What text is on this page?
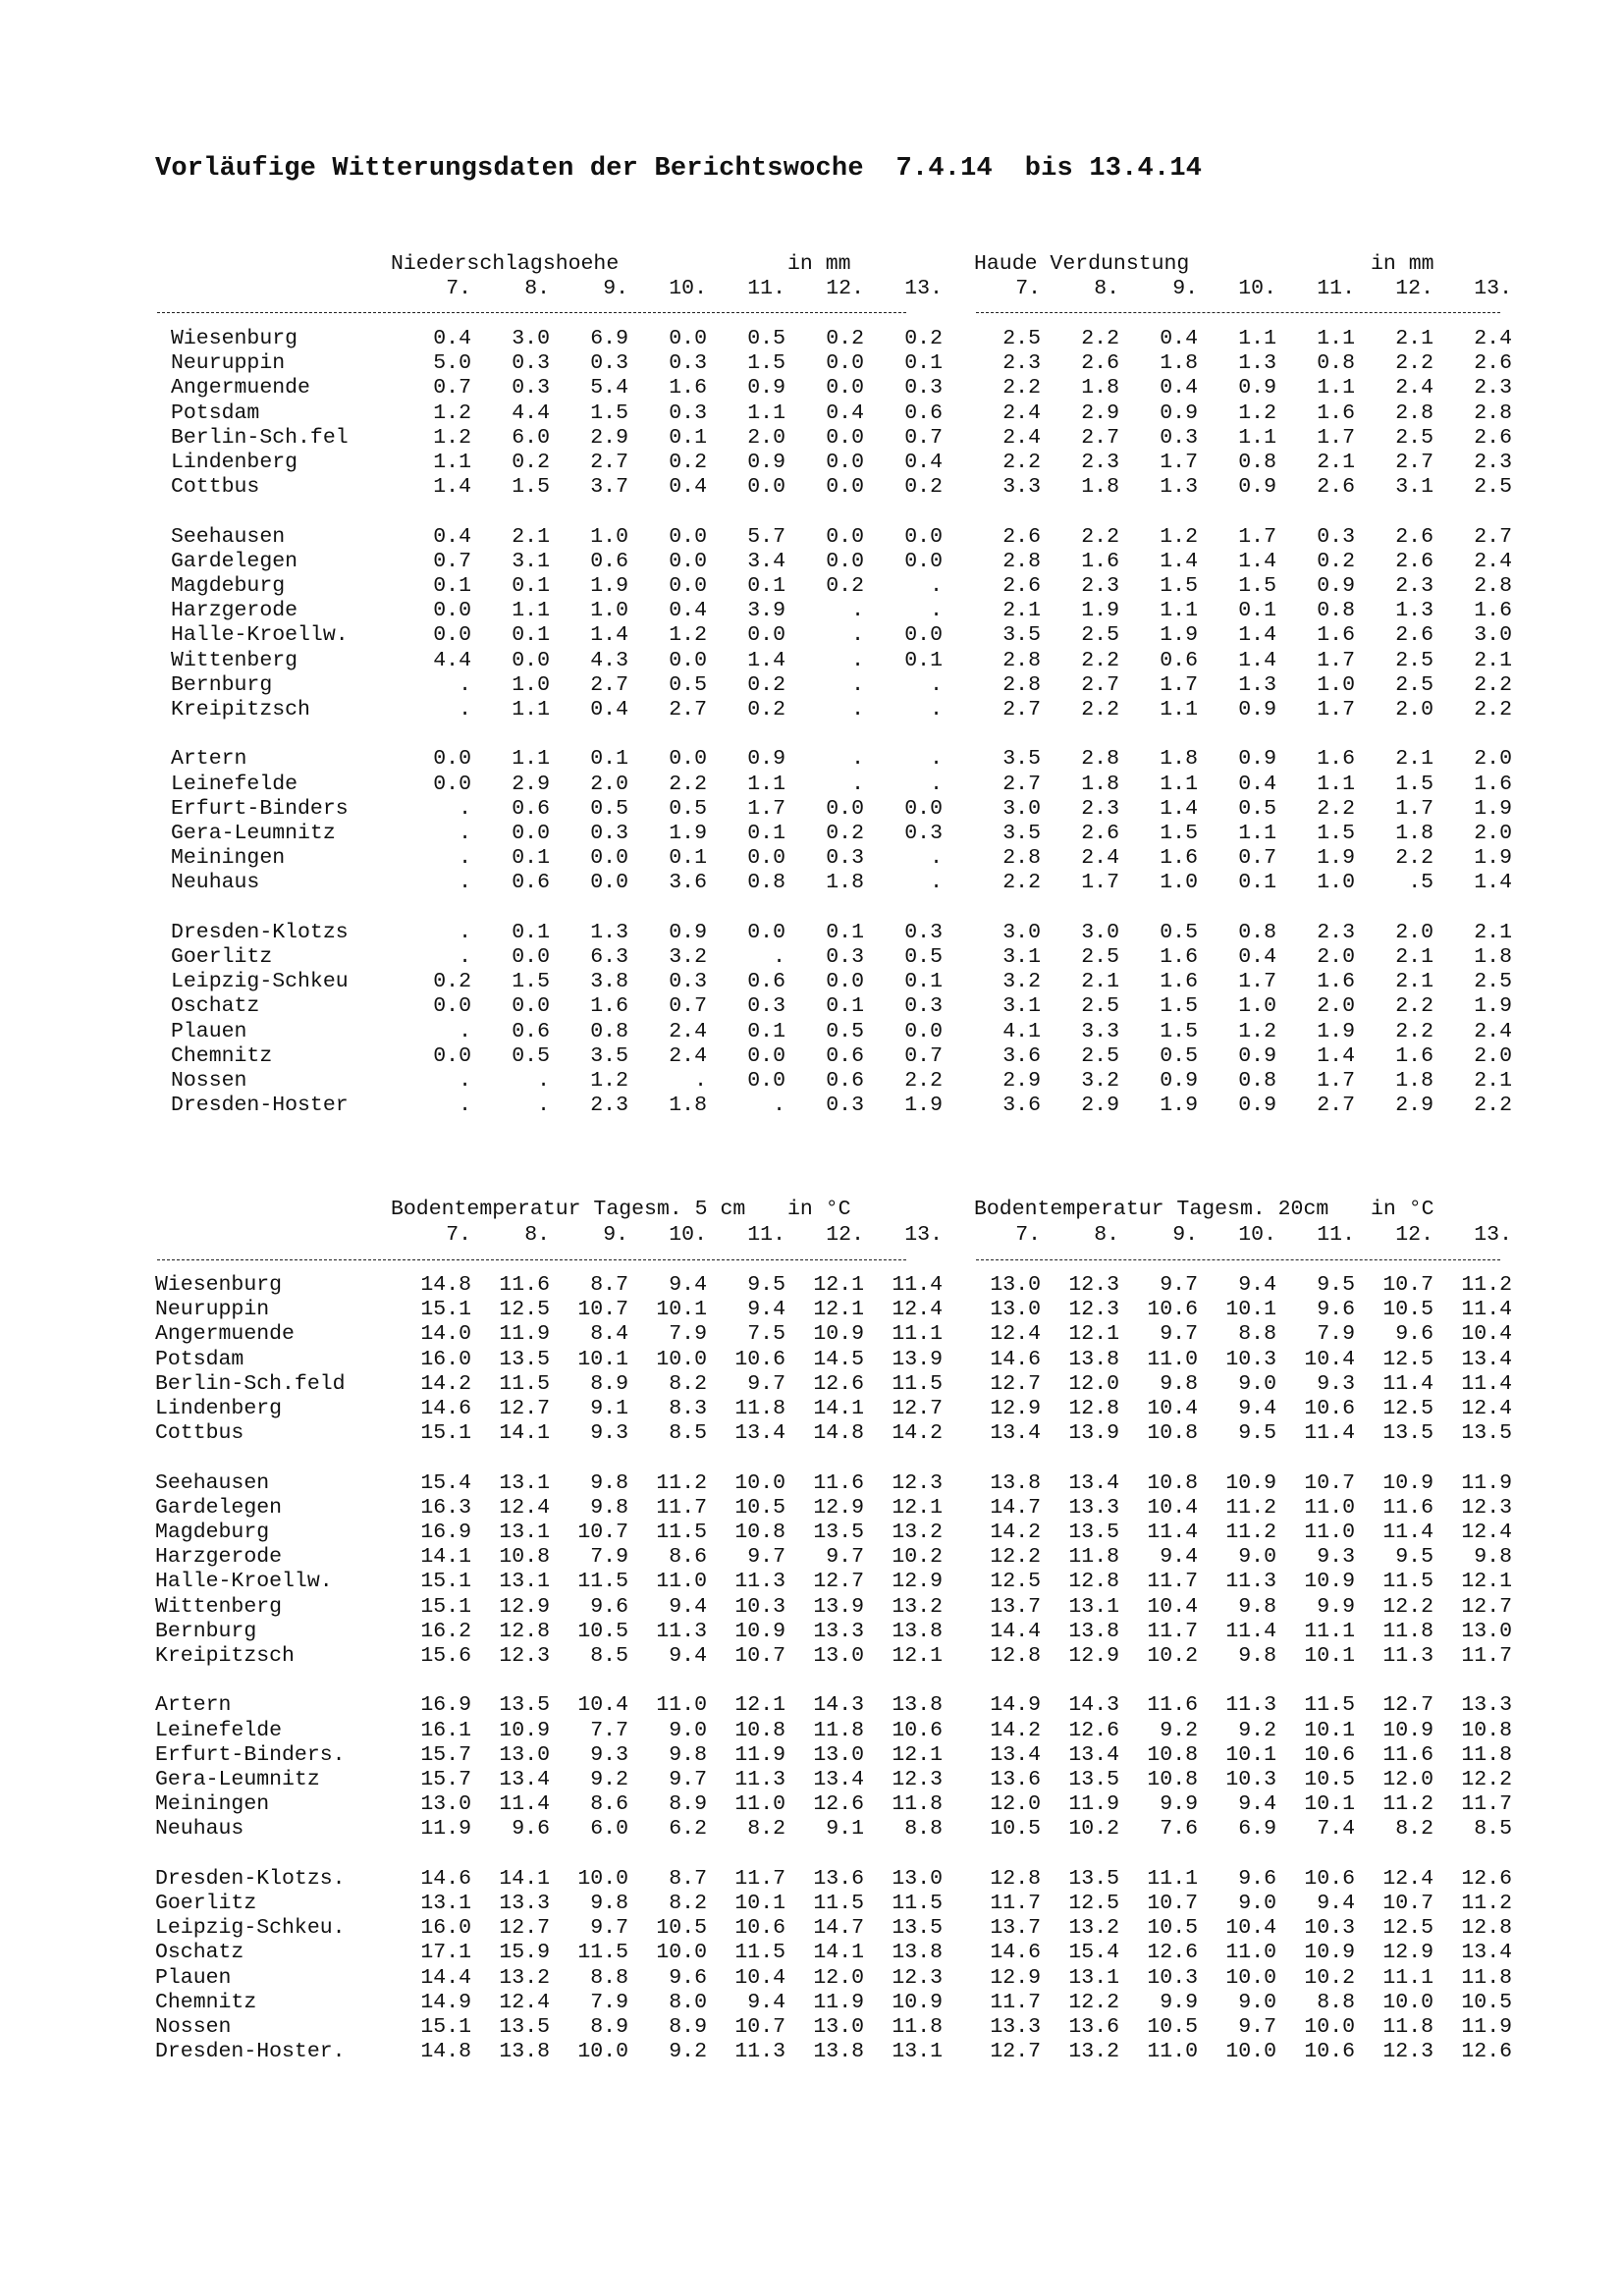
Vorläufige Witterungsdaten der Berichtswoche  7.4.14  bis 13.4.14
Niederschlagshoehe	in mm	Haude Verdunstung	in mm
7.	8.	9.	10.	11.	12.	13.	7.	8.	9.	10.	11.	12.	13.
Wiesenburg	0.4	3.0	6.9	0.0	0.5	0.2	0.2	2.5	2.2	0.4	1.1	1.1	2.1	2.4
Neuruppin	5.0	0.3	0.3	0.3	1.5	0.0	0.1	2.3	2.6	1.8	1.3	0.8	2.2	2.6
Angermuende	0.7	0.3	5.4	1.6	0.9	0.0	0.3	2.2	1.8	0.4	0.9	1.1	2.4	2.3
Potsdam	1.2	4.4	1.5	0.3	1.1	0.4	0.6	2.4	2.9	0.9	1.2	1.6	2.8	2.8
Berlin-Sch.fel	1.2	6.0	2.9	0.1	2.0	0.0	0.7	2.4	2.7	0.3	1.1	1.7	2.5	2.6
Lindenberg	1.1	0.2	2.7	0.2	0.9	0.0	0.4	2.2	2.3	1.7	0.8	2.1	2.7	2.3
Cottbus	1.4	1.5	3.7	0.4	0.0	0.0	0.2	3.3	1.8	1.3	0.9	2.6	3.1	2.5
Seehausen	0.4	2.1	1.0	0.0	5.7	0.0	0.0	2.6	2.2	1.2	1.7	0.3	2.6	2.7
Gardelegen	0.7	3.1	0.6	0.0	3.4	0.0	0.0	2.8	1.6	1.4	1.4	0.2	2.6	2.4
Magdeburg	0.1	0.1	1.9	0.0	0.1	0.2	.	2.6	2.3	1.5	1.5	0.9	2.3	2.8
Harzgerode	0.0	1.1	1.0	0.4	3.9	.	.	2.1	1.9	1.1	0.1	0.8	1.3	1.6
Halle-Kroellw.	0.0	0.1	1.4	1.2	0.0	.	0.0	3.5	2.5	1.9	1.4	1.6	2.6	3.0
Wittenberg	4.4	0.0	4.3	0.0	1.4	.	0.1	2.8	2.2	0.6	1.4	1.7	2.5	2.1
Bernburg	.	1.0	2.7	0.5	0.2	.	.	2.8	2.7	1.7	1.3	1.0	2.5	2.2
Kreipitzsch	.	1.1	0.4	2.7	0.2	.	.	2.7	2.2	1.1	0.9	1.7	2.0	2.2
Artern	0.0	1.1	0.1	0.0	0.9	.	.	3.5	2.8	1.8	0.9	1.6	2.1	2.0
Leinefelde	0.0	2.9	2.0	2.2	1.1	.	.	2.7	1.8	1.1	0.4	1.1	1.5	1.6
Erfurt-Binders	.	0.6	0.5	0.5	1.7	0.0	0.0	3.0	2.3	1.4	0.5	2.2	1.7	1.9
Gera-Leumnitz	.	0.0	0.3	1.9	0.1	0.2	0.3	3.5	2.6	1.5	1.1	1.5	1.8	2.0
Meiningen	.	0.1	0.0	0.1	0.0	0.3	.	2.8	2.4	1.6	0.7	1.9	2.2	1.9
Neuhaus	.	0.6	0.0	3.6	0.8	1.8	.	2.2	1.7	1.0	0.1	1.0	.5	1.4
Dresden-Klotzs	.	0.1	1.3	0.9	0.0	0.1	0.3	3.0	3.0	0.5	0.8	2.3	2.0	2.1
Goerlitz	.	0.0	6.3	3.2	.	0.3	0.5	3.1	2.5	1.6	0.4	2.0	2.1	1.8
Leipzig-Schkeu	0.2	1.5	3.8	0.3	0.6	0.0	0.1	3.2	2.1	1.6	1.7	1.6	2.1	2.5
Oschatz	0.0	0.0	1.6	0.7	0.3	0.1	0.3	3.1	2.5	1.5	1.0	2.0	2.2	1.9
Plauen	.	0.6	0.8	2.4	0.1	0.5	0.0	4.1	3.3	1.5	1.2	1.9	2.2	2.4
Chemnitz	0.0	0.5	3.5	2.4	0.0	0.6	0.7	3.6	2.5	0.5	0.9	1.4	1.6	2.0
Nossen	.	.	1.2	.	0.0	0.6	2.2	2.9	3.2	0.9	0.8	1.7	1.8	2.1
Dresden-Hoster	.	.	2.3	1.8	.	0.3	1.9	3.6	2.9	1.9	0.9	2.7	2.9	2.2
Bodentemperatur Tagesm. 5 cm in °C	Bodentemperatur Tagesm. 20cm in °C
7.	8.	9.	10.	11.	12.	13.	7.	8.	9.	10.	11.	12.	13.
Wiesenburg	14.8	11.6	8.7	9.4	9.5	12.1	11.4	13.0	12.3	9.7	9.4	9.5	10.7	11.2
Neuruppin	15.1	12.5	10.7	10.1	9.4	12.1	12.4	13.0	12.3	10.6	10.1	9.6	10.5	11.4
Angermuende	14.0	11.9	8.4	7.9	7.5	10.9	11.1	12.4	12.1	9.7	8.8	7.9	9.6	10.4
Potsdam	16.0	13.5	10.1	10.0	10.6	14.5	13.9	14.6	13.8	11.0	10.3	10.4	12.5	13.4
Berlin-Sch.feld	14.2	11.5	8.9	8.2	9.7	12.6	11.5	12.7	12.0	9.8	9.0	9.3	11.4	11.4
Lindenberg	14.6	12.7	9.1	8.3	11.8	14.1	12.7	12.9	12.8	10.4	9.4	10.6	12.5	12.4
Cottbus	15.1	14.1	9.3	8.5	13.4	14.8	14.2	13.4	13.9	10.8	9.5	11.4	13.5	13.5
Seehausen	15.4	13.1	9.8	11.2	10.0	11.6	12.3	13.8	13.4	10.8	10.9	10.7	10.9	11.9
Gardelegen	16.3	12.4	9.8	11.7	10.5	12.9	12.1	14.7	13.3	10.4	11.2	11.0	11.6	12.3
Magdeburg	16.9	13.1	10.7	11.5	10.8	13.5	13.2	14.2	13.5	11.4	11.2	11.0	11.4	12.4
Harzgerode	14.1	10.8	7.9	8.6	9.7	9.7	10.2	12.2	11.8	9.4	9.0	9.3	9.5	9.8
Halle-Kroellw.	15.1	13.1	11.5	11.0	11.3	12.7	12.9	12.5	12.8	11.7	11.3	10.9	11.5	12.1
Wittenberg	15.1	12.9	9.6	9.4	10.3	13.9	13.2	13.7	13.1	10.4	9.8	9.9	12.2	12.7
Bernburg	16.2	12.8	10.5	11.3	10.9	13.3	13.8	14.4	13.8	11.7	11.4	11.1	11.8	13.0
Kreipitzsch	15.6	12.3	8.5	9.4	10.7	13.0	12.1	12.8	12.9	10.2	9.8	10.1	11.3	11.7
Artern	16.9	13.5	10.4	11.0	12.1	14.3	13.8	14.9	14.3	11.6	11.3	11.5	12.7	13.3
Leinefelde	16.1	10.9	7.7	9.0	10.8	11.8	10.6	14.2	12.6	9.2	9.2	10.1	10.9	10.8
Erfurt-Binders.	15.7	13.0	9.3	9.8	11.9	13.0	12.1	13.4	13.4	10.8	10.1	10.6	11.6	11.8
Gera-Leumnitz	15.7	13.4	9.2	9.7	11.3	13.4	12.3	13.6	13.5	10.8	10.3	10.5	12.0	12.2
Meiningen	13.0	11.4	8.6	8.9	11.0	12.6	11.8	12.0	11.9	9.9	9.4	10.1	11.2	11.7
Neuhaus	11.9	9.6	6.0	6.2	8.2	9.1	8.8	10.5	10.2	7.6	6.9	7.4	8.2	8.5
Dresden-Klotzs.	14.6	14.1	10.0	8.7	11.7	13.6	13.0	12.8	13.5	11.1	9.6	10.6	12.4	12.6
Goerlitz	13.1	13.3	9.8	8.2	10.1	11.5	11.5	11.7	12.5	10.7	9.0	9.4	10.7	11.2
Leipzig-Schkeu.	16.0	12.7	9.7	10.5	10.6	14.7	13.5	13.7	13.2	10.5	10.4	10.3	12.5	12.8
Oschatz	17.1	15.9	11.5	10.0	11.5	14.1	13.8	14.6	15.4	12.6	11.0	10.9	12.9	13.4
Plauen	14.4	13.2	8.8	9.6	10.4	12.0	12.3	12.9	13.1	10.3	10.0	10.2	11.1	11.8
Chemnitz	14.9	12.4	7.9	8.0	9.4	11.9	10.9	11.7	12.2	9.9	9.0	8.8	10.0	10.5
Nossen	15.1	13.5	8.9	8.9	10.7	13.0	11.8	13.3	13.6	10.5	9.7	10.0	11.8	11.9
Dresden-Hoster.	14.8	13.8	10.0	9.2	11.3	13.8	13.1	12.7	13.2	11.0	10.0	10.6	12.3	12.6
